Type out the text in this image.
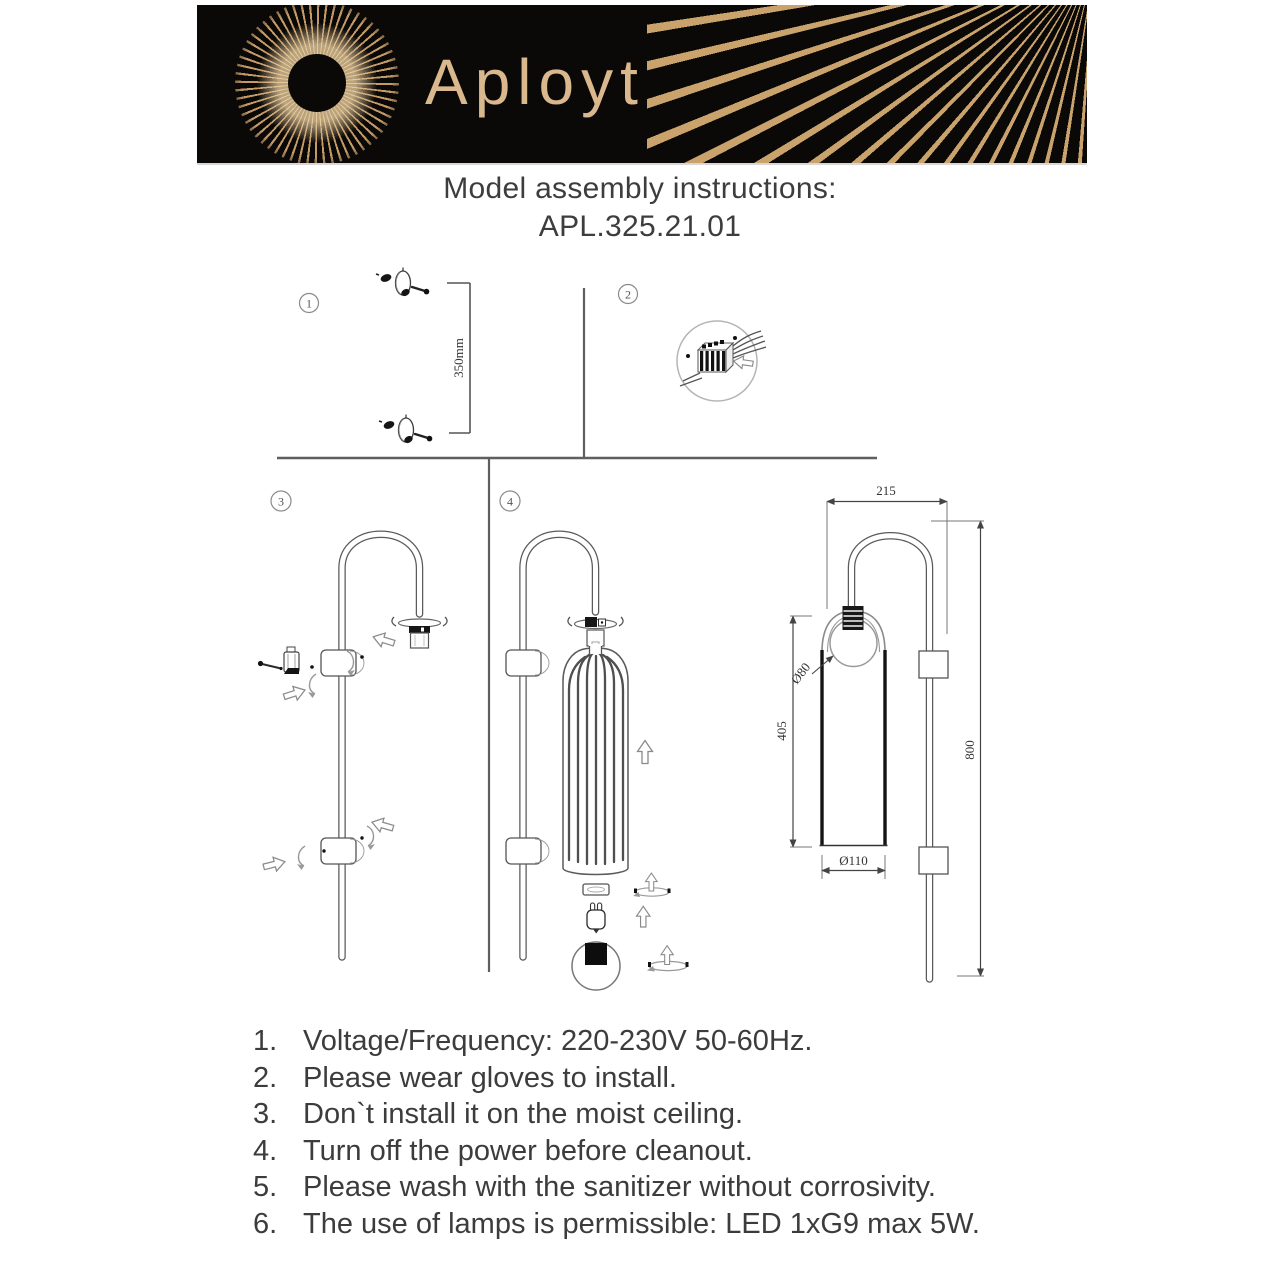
Aployt
Model assembly instructions:
APL.325.21.01
1
2
3	4
350mm
215
800
405
Ø80
Ø110
1. Voltage/Frequency: 220-230V 50-60Hz.
2. Please wear gloves to install.
3. Don`t install it on the moist ceiling.
4. Turn off the power before cleanout.
5. Please wash with the sanitizer without corrosivity.
6. The use of lamps is permissible: LED 1xG9 max 5W.
